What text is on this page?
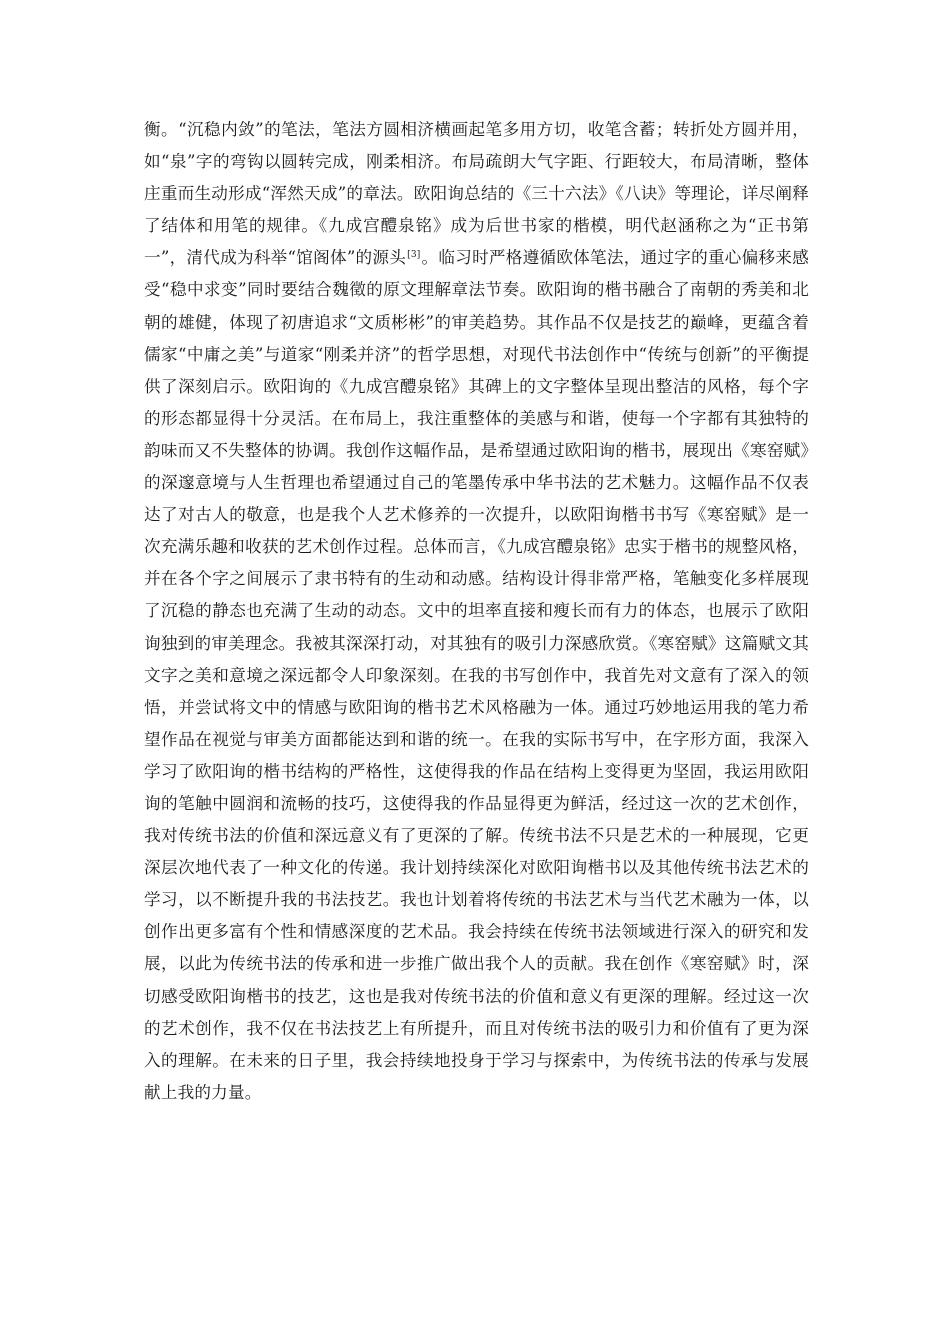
衡。“沉稳内敛”的笔法，笔法方圆相济横画起笔多用方切，收笔含蓄；转折处方圆并用，如“泉”字的弯钩以圆转完成，刚柔相济。布局疏朗大气字距、行距较大，布局清晰，整体庄重而生动形成“浑然天成”的章法。欧阳询总结的《三十六法》《八诀》等理论，详尽阐释了结体和用笔的规律。《九成宫醴泉铭》成为后世书家的楷模，明代赵涵称之为“正书第一”，清代成为科举“馆阁体”的源头[3]。临习时严格遵循欧体笔法，通过字的重心偏移来感受“稳中求变”同时要结合魏徵的原文理解章法节奏。欧阳询的楷书融合了南朝的秀美和北朝的雄健，体现了初唐追求“文质彬彬”的审美趋势。其作品不仅是技艺的巅峰，更蕴含着儒家“中庸之美”与道家“刚柔并济”的哲学思想，对现代书法创作中“传统与创新”的平衡提供了深刻启示。欧阳询的《九成宫醴泉铭》其碑上的文字整体呈现出整洁的风格，每个字的形态都显得十分灵活。在布局上，我注重整体的美感与和谐，使每一个字都有其独特的韵味而又不失整体的协调。我创作这幅作品，是希望通过欧阳询的楷书，展现出《寒窑赋》的深邃意境与人生哲理也希望通过自己的笔墨传承中华书法的艺术魅力。这幅作品不仅表达了对古人的敬意，也是我个人艺术修养的一次提升，以欧阳询楷书书写《寒窑赋》是一次充满乐趣和收获的艺术创作过程。总体而言，《九成宫醴泉铭》忠实于楷书的规整风格，并在各个字之间展示了隶书特有的生动和动感。结构设计得非常严格，笔触变化多样展现了沉稳的静态也充满了生动的动态。文中的坦率直接和瘦长而有力的体态，也展示了欧阳询独到的审美理念。我被其深深打动，对其独有的吸引力深感欣赏。《寒窑赋》这篇赋文其文字之美和意境之深远都令人印象深刻。在我的书写创作中，我首先对文意有了深入的领悟，并尝试将文中的情感与欧阳询的楷书艺术风格融为一体。通过巧妙地运用我的笔力希望作品在视觉与审美方面都能达到和谐的统一。在我的实际书写中，在字形方面，我深入学习了欧阳询的楷书结构的严格性，这使得我的作品在结构上变得更为坚固，我运用欧阳询的笔触中圆润和流畅的技巧，这使得我的作品显得更为鲜活，经过这一次的艺术创作，我对传统书法的价值和深远意义有了更深的了解。传统书法不只是艺术的一种展现，它更深层次地代表了一种文化的传递。我计划持续深化对欧阳询楷书以及其他传统书法艺术的学习，以不断提升我的书法技艺。我也计划着将传统的书法艺术与当代艺术融为一体，以创作出更多富有个性和情感深度的艺术品。我会持续在传统书法领域进行深入的研究和发展，以此为传统书法的传承和进一步推广做出我个人的贡献。我在创作《寒窑赋》时，深切感受欧阳询楷书的技艺，这也是我对传统书法的价值和意义有更深的理解。经过这一次的艺术创作，我不仅在书法技艺上有所提升，而且对传统书法的吸引力和价值有了更为深入的理解。在未来的日子里，我会持续地投身于学习与探索中，为传统书法的传承与发展献上我的力量。
